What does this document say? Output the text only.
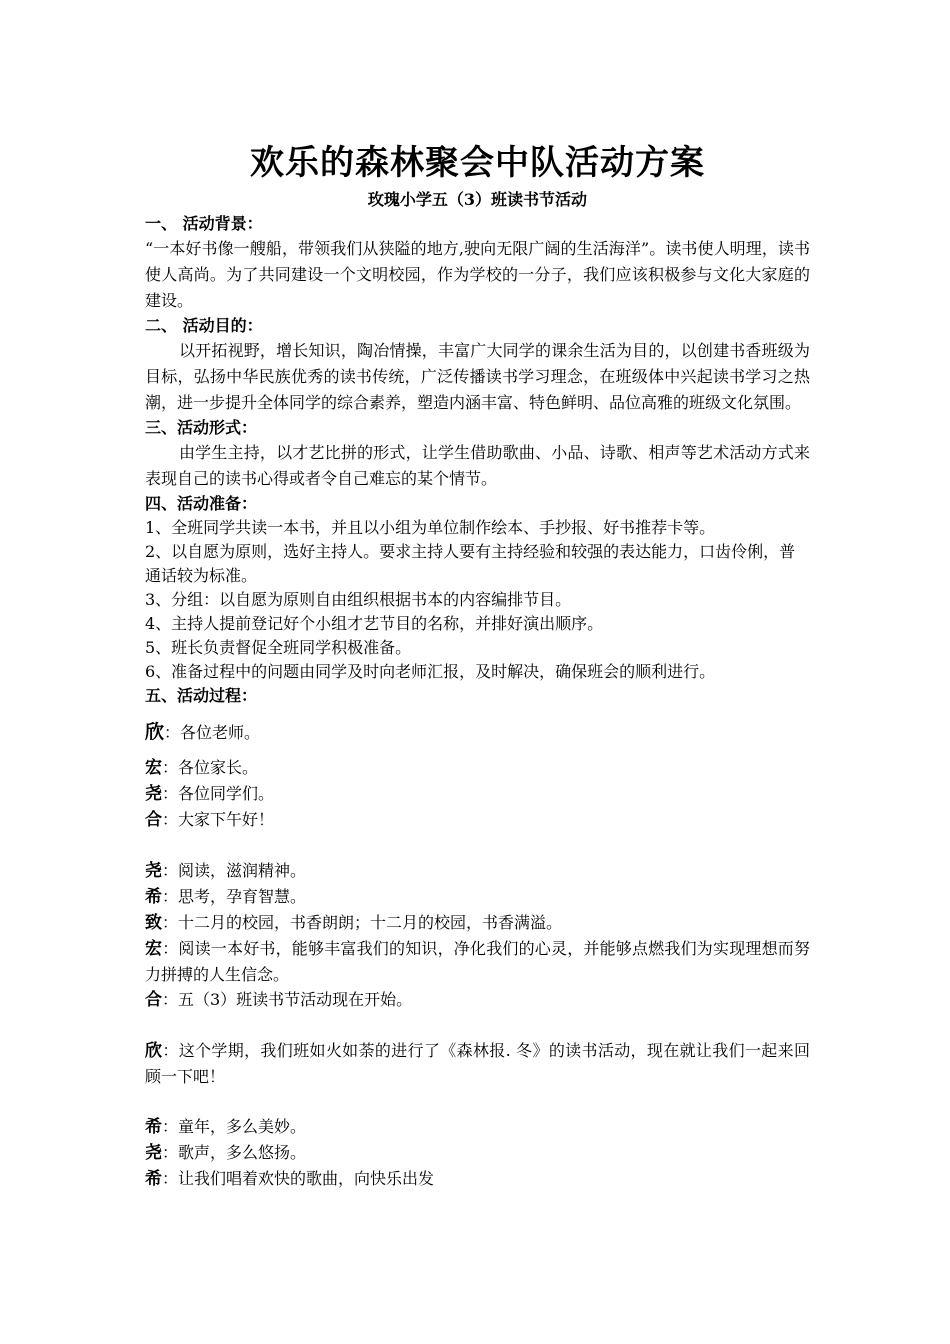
欢乐的森林聚会中队活动方案

玫瑰小学五（3）班读书节活动

一、 活动背景：

“一本好书像一艘船，带领我们从狭隘的地方,驶向无限广阔的生活海洋”。读书使人明理，读书使人高尚。为了共同建设一个文明校园，作为学校的一分子，我们应该积极参与文化大家庭的建设。

二、 活动目的：

以开拓视野，增长知识，陶冶情操，丰富广大同学的课余生活为目的，以创建书香班级为目标，弘扬中华民族优秀的读书传统，广泛传播读书学习理念，在班级体中兴起读书学习之热潮，进一步提升全体同学的综合素养，塑造内涵丰富、特色鲜明、品位高雅的班级文化氛围。

三、活动形式：

由学生主持，以才艺比拼的形式，让学生借助歌曲、小品、诗歌、相声等艺术活动方式来表现自己的读书心得或者令自己难忘的某个情节。

四、活动准备：

1、全班同学共读一本书，并且以小组为单位制作绘本、手抄报、好书推荐卡等。

2、以自愿为原则，选好主持人。要求主持人要有主持经验和较强的表达能力，口齿伶俐，普通话较为标准。

3、分组：以自愿为原则自由组织根据书本的内容编排节目。

4、主持人提前登记好个小组才艺节目的名称，并排好演出顺序。

5、班长负责督促全班同学积极准备。

6、准备过程中的问题由同学及时向老师汇报，及时解决，确保班会的顺利进行。

五、活动过程：

欣：各位老师。

宏：各位家长。

尧：各位同学们。

合：大家下午好！

尧：阅读，滋润精神。

希：思考，孕育智慧。

致：十二月的校园，书香朗朗；十二月的校园，书香满溢。

宏：阅读一本好书，能够丰富我们的知识，净化我们的心灵，并能够点燃我们为实现理想而努力拼搏的人生信念。

合：五（3）班读书节活动现在开始。

欣：这个学期，我们班如火如荼的进行了《森林报. 冬》的读书活动，现在就让我们一起来回顾一下吧！

希：童年，多么美妙。

尧：歌声，多么悠扬。

希：让我们唱着欢快的歌曲，向快乐出发
